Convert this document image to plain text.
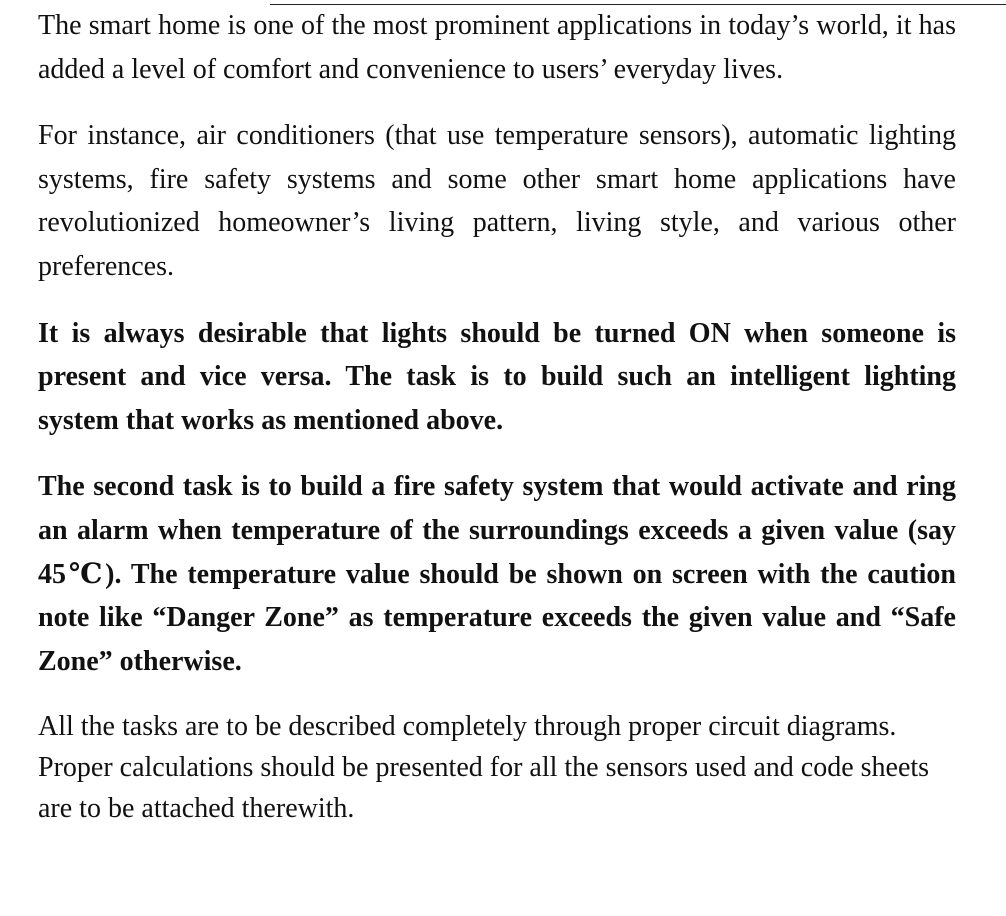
The smart home is one of the most prominent applications in today’s world, it has added a level of comfort and convenience to users’ everyday lives.

For instance, air conditioners (that use temperature sensors), automatic lighting systems, fire safety systems and some other smart home applications have revolutionized homeowner’s living pattern, living style, and various other preferences.

It is always desirable that lights should be turned ON when someone is present and vice versa. The task is to build such an intelligent lighting system that works as mentioned above.

The second task is to build a fire safety system that would activate and ring an alarm when temperature of the surroundings exceeds a given value (say 45℃). The temperature value should be shown on screen with the caution note like “Danger Zone” as temperature exceeds the given value and “Safe Zone” otherwise.

All the tasks are to be described completely through proper circuit diagrams. Proper calculations should be presented for all the sensors used and code sheets are to be attached therewith.
